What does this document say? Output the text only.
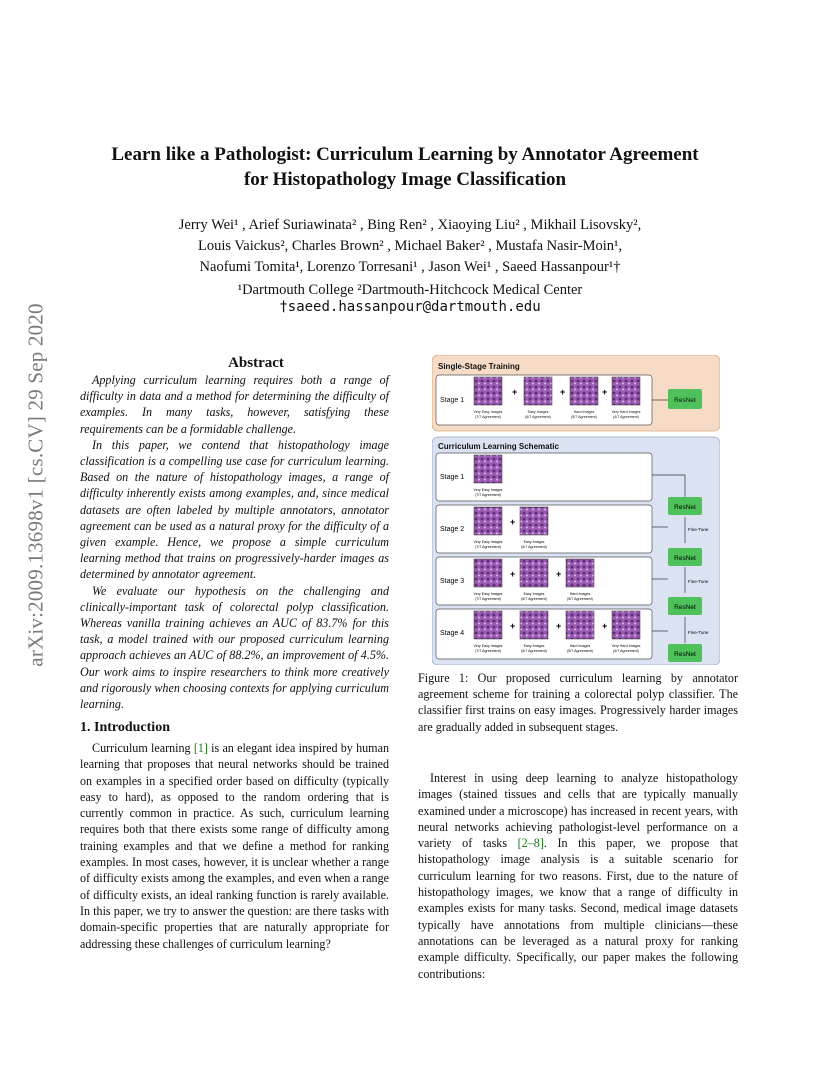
arXiv:2009.13698v1 [cs.CV] 29 Sep 2020
Learn like a Pathologist: Curriculum Learning by Annotator Agreement
for Histopathology Image Classification
Jerry Wei¹ , Arief Suriawinata² , Bing Ren² , Xiaoying Liu² , Mikhail Lisovsky²,
Louis Vaickus², Charles Brown² , Michael Baker² , Mustafa Nasir-Moin¹,
Naofumi Tomita¹, Lorenzo Torresani¹ , Jason Wei¹ , Saeed Hassanpour¹†
¹Dartmouth College ²Dartmouth-Hitchcock Medical Center
†saeed.hassanpour@dartmouth.edu
Abstract

Applying curriculum learning requires both a range of difficulty in data and a method for determining the difficulty of examples. In many tasks, however, satisfying these requirements can be a formidable challenge.

In this paper, we contend that histopathology image classification is a compelling use case for curriculum learning. Based on the nature of histopathology images, a range of difficulty inherently exists among examples, and, since medical datasets are often labeled by multiple annotators, annotator agreement can be used as a natural proxy for the difficulty of a given example. Hence, we propose a simple curriculum learning method that trains on progressively-harder images as determined by annotator agreement.

We evaluate our hypothesis on the challenging and clinically-important task of colorectal polyp classification. Whereas vanilla training achieves an AUC of 83.7% for this task, a model trained with our proposed curriculum learning approach achieves an AUC of 88.2%, an improvement of 4.5%. Our work aims to inspire researchers to think more creatively and rigorously when choosing contexts for applying curriculum learning.

1. Introduction

Curriculum learning [1] is an elegant idea inspired by human learning that proposes that neural networks should be trained on examples in a specified order based on difficulty (typically easy to hard), as opposed to the random ordering that is currently common in practice. As such, curriculum learning requires both that there exists some range of difficulty among training examples and that we define a method for ranking examples. In most cases, however, it is unclear whether a range of difficulty exists among the examples, and even when a range of difficulty exists, an ideal ranking function is rarely available. In this paper, we try to answer the question: are there tasks with domain-specific properties that are naturally appropriate for addressing these challenges of curriculum learning?

Single-Stage Training
Stage 1
+	+	+
Very Easy Images
(7/7 Agreement)
Easy Images
(6/7 Agreement)
Hard Images
(5/7 Agreement)
Very Hard Images
(4/7 Agreement)
ResNet
Curriculum Learning Schematic
Stage 1
Very Easy Images
(7/7 Agreement)
Stage 2
+
Very Easy Images
(7/7 Agreement)
Easy Images
(6/7 Agreement)
Stage 3
+	+
Very Easy Images
(7/7 Agreement)
Easy Images
(6/7 Agreement)
Hard Images
(5/7 Agreement)
Stage 4
+	+	+
Very Easy Images
(7/7 Agreement)
Easy Images
(6/7 Agreement)
Hard Images
(5/7 Agreement)
Very Hard Images
(4/7 Agreement)
ResNet
Fine-Tune
ResNet
Fine-Tune
ResNet
Fine-Tune
ResNet
Figure 1: Our proposed curriculum learning by annotator agreement scheme for training a colorectal polyp classifier. The classifier first trains on easy images. Progressively harder images are gradually added in subsequent stages.

Interest in using deep learning to analyze histopathology images (stained tissues and cells that are typically manually examined under a microscope) has increased in recent years, with neural networks achieving pathologist-level performance on a variety of tasks [2–8]. In this paper, we propose that histopathology image analysis is a suitable scenario for curriculum learning for two reasons. First, due to the nature of histopathology images, we know that a range of difficulty in examples exists for many tasks. Second, medical image datasets typically have annotations from multiple clinicians—these annotations can be leveraged as a natural proxy for ranking example difficulty. Specifically, our paper makes the following contributions:
